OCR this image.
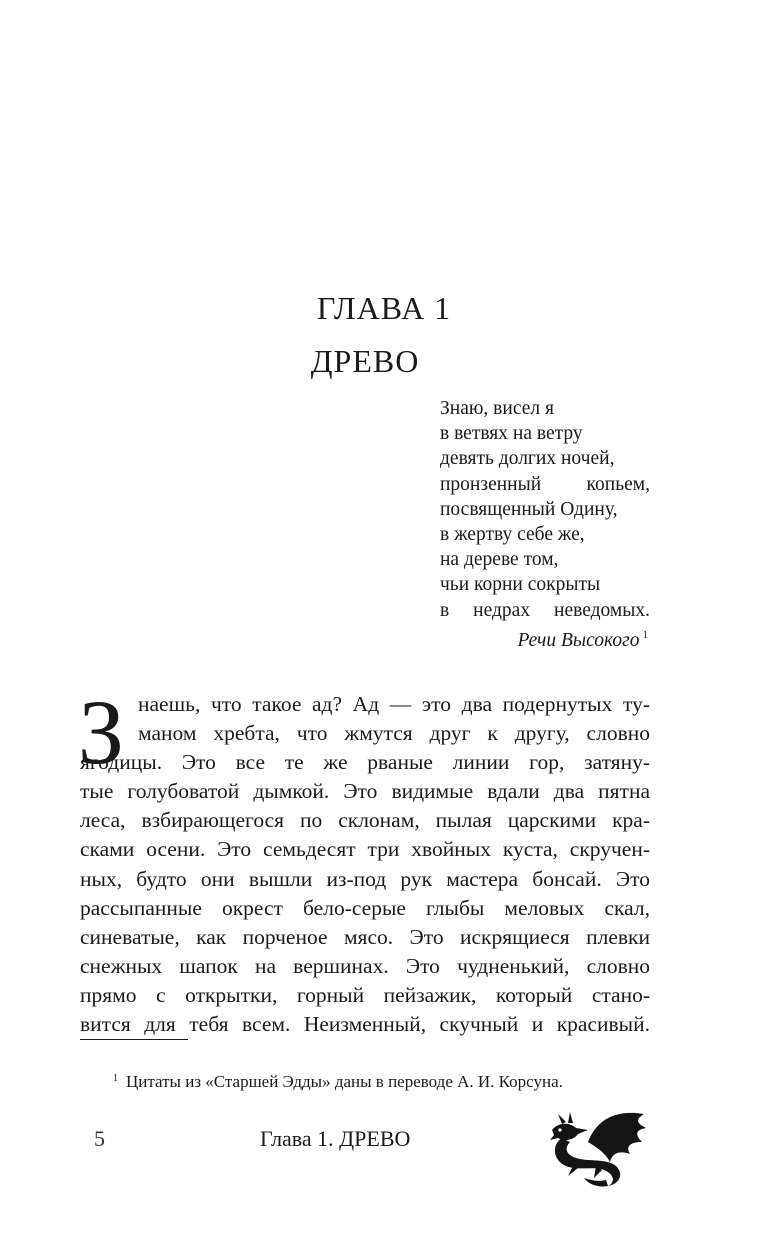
ГЛАВА 1
ДРЕВО
Знаю, висел я
в ветвях на ветру
девять долгих ночей,
пронзенный копьем,
посвященный Одину,
в жертву себе же,
на дереве том,
чьи корни сокрыты
в недрах неведомых.
Речи Высокого $^1$
З наешь, что такое ад? Ад — это два подернутых ту-
маном хребта, что жмутся друг к другу, словно
ягодицы. Это все те же рваные линии гор, затяну-
тые голубоватой дымкой. Это видимые вдали два пятна
леса, взбирающегося по склонам, пылая царскими кра-
сками осени. Это семьдесят три хвойных куста, скручен-
ных, будто они вышли из-под рук мастера бонсай. Это
рассыпанные окрест бело-серые глыбы меловых скал,
синеватые, как порченое мясо. Это искрящиеся плевки
снежных шапок на вершинах. Это чудненький, словно
прямо с открытки, горный пейзажик, который стано-
вится для тебя всем. Неизменный, скучный и красивый.
$^1$ Цитаты из «Старшей Эдды» даны в переводе А. И. Корсуна.
5	Глава 1. ДРЕВО
